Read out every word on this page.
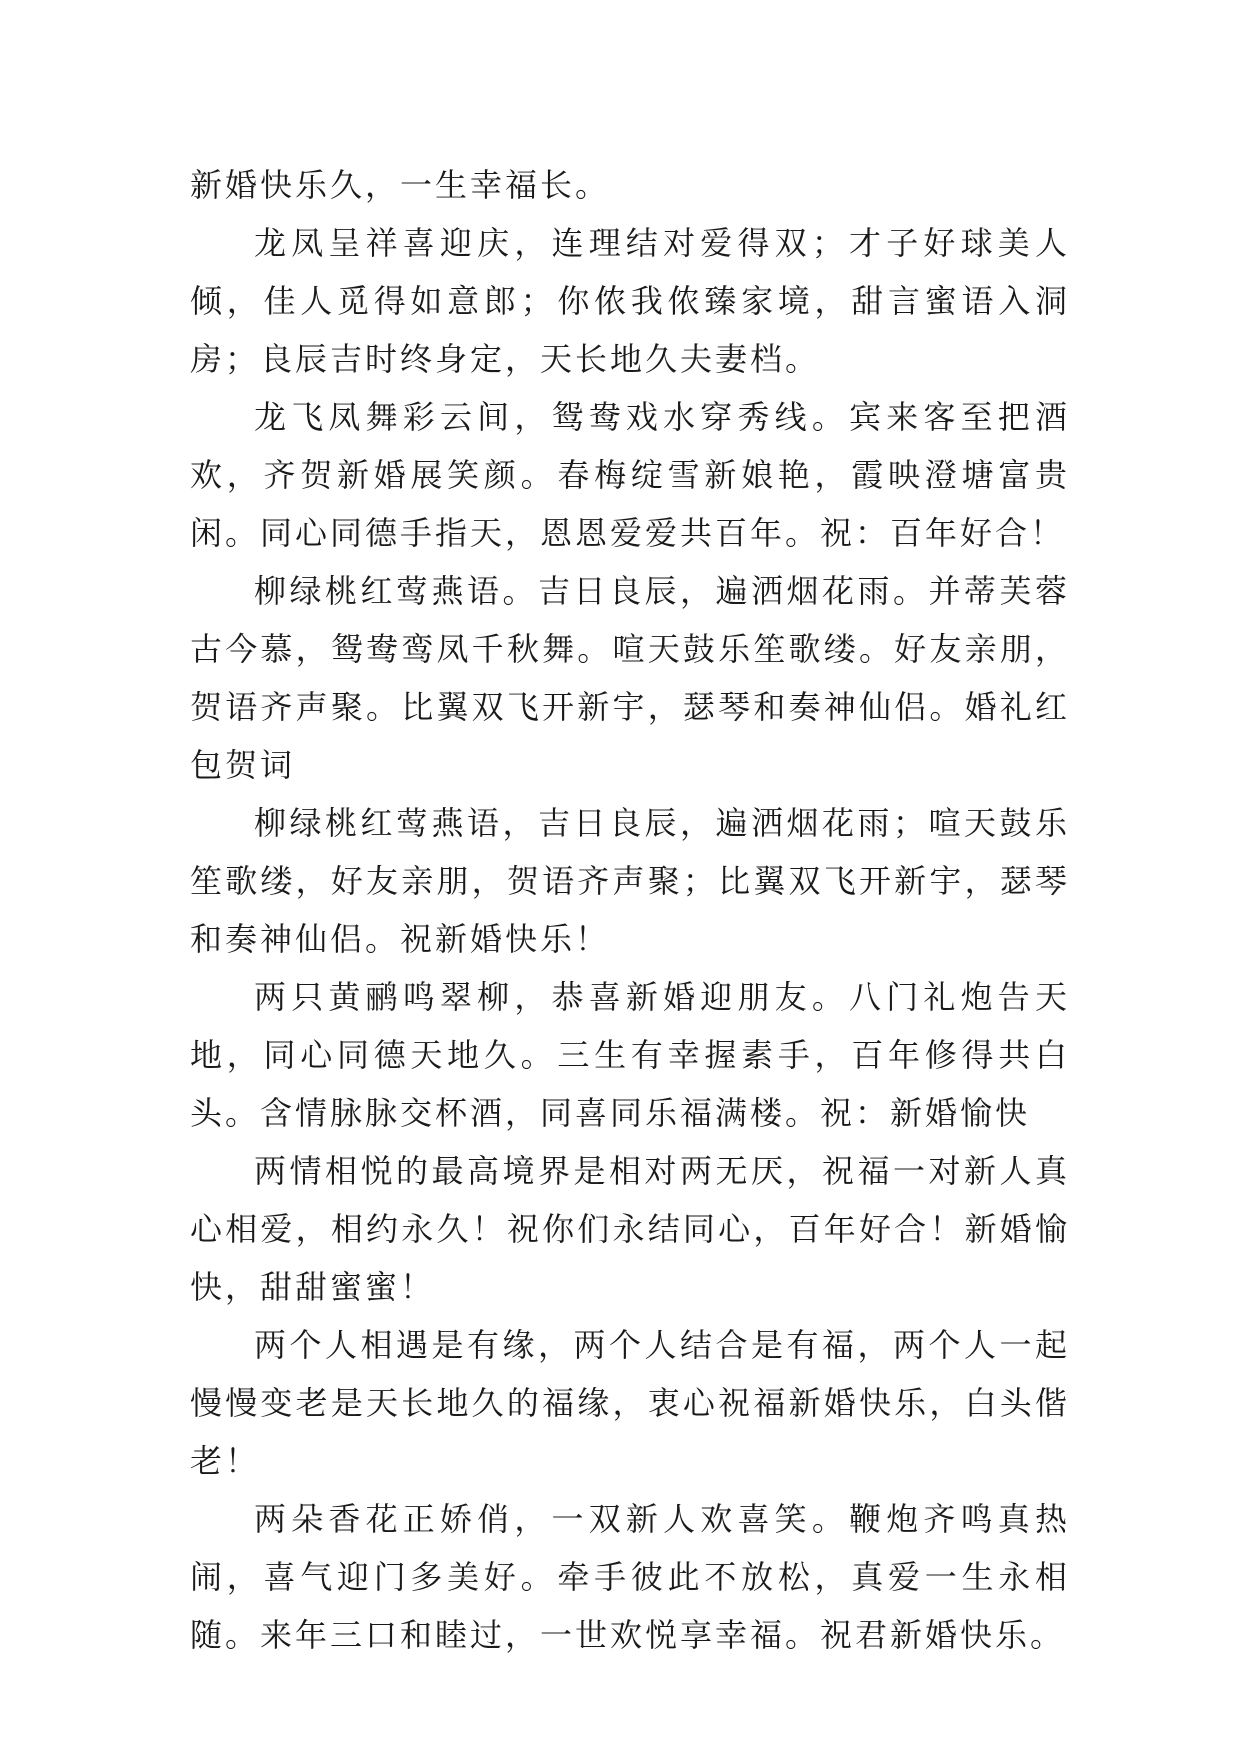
新婚快乐久，一生幸福长。

龙凤呈祥喜迎庆，连理结对爱得双；才子好球美人倾，佳人觅得如意郎；你侬我侬臻家境，甜言蜜语入洞房；良辰吉时终身定，天长地久夫妻档。

龙飞凤舞彩云间，鸳鸯戏水穿秀线。宾来客至把酒欢，齐贺新婚展笑颜。春梅绽雪新娘艳，霞映澄塘富贵闲。同心同德手指天，恩恩爱爱共百年。祝：百年好合！

柳绿桃红莺燕语。吉日良辰，遍洒烟花雨。并蒂芙蓉古今慕，鸳鸯鸾凤千秋舞。喧天鼓乐笙歌缕。好友亲朋，贺语齐声聚。比翼双飞开新宇，瑟琴和奏神仙侣。婚礼红包贺词

柳绿桃红莺燕语，吉日良辰，遍洒烟花雨；喧天鼓乐笙歌缕，好友亲朋，贺语齐声聚；比翼双飞开新宇，瑟琴和奏神仙侣。祝新婚快乐！

两只黄鹂鸣翠柳，恭喜新婚迎朋友。八门礼炮告天地，同心同德天地久。三生有幸握素手，百年修得共白头。含情脉脉交杯酒，同喜同乐福满楼。祝：新婚愉快

两情相悦的最高境界是相对两无厌，祝福一对新人真心相爱，相约永久！祝你们永结同心，百年好合！新婚愉快，甜甜蜜蜜！

两个人相遇是有缘，两个人结合是有福，两个人一起慢慢变老是天长地久的福缘，衷心祝福新婚快乐，白头偕老！

两朵香花正娇俏，一双新人欢喜笑。鞭炮齐鸣真热闹，喜气迎门多美好。牵手彼此不放松，真爱一生永相随。来年三口和睦过，一世欢悦享幸福。祝君新婚快乐。
